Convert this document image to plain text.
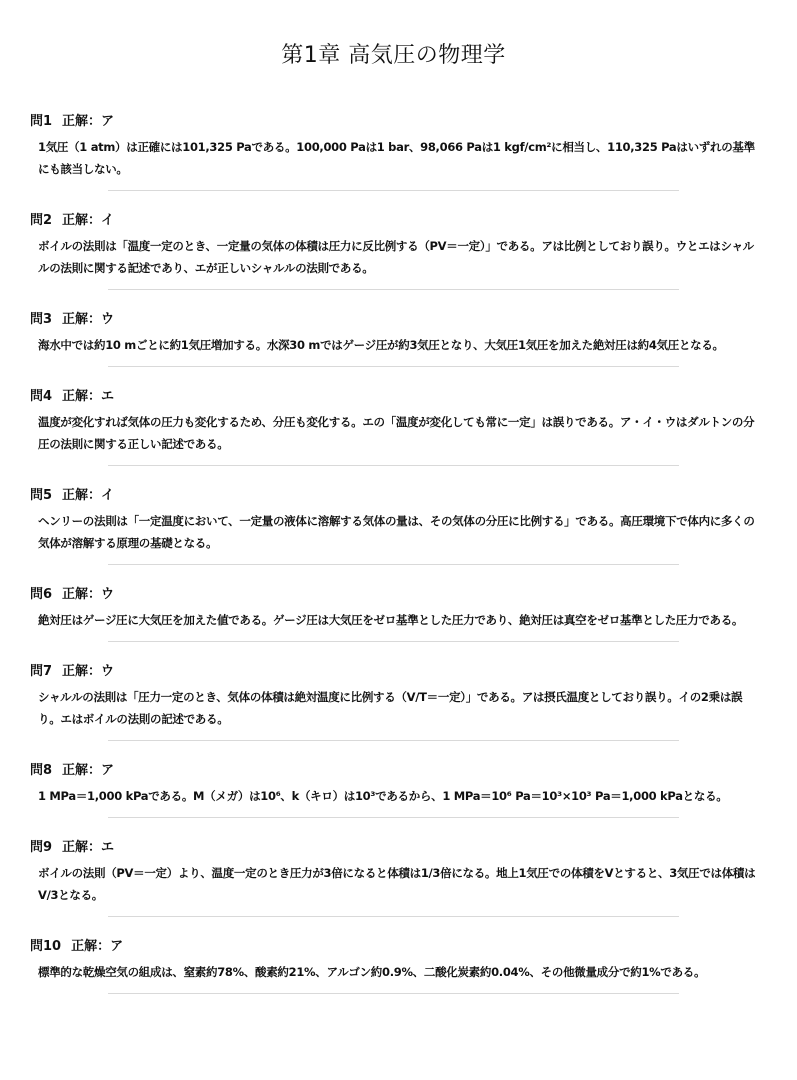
第1章 高気圧の物理学
問1 正解：ア
1気圧（1 atm）は正確には101,325 Paである。100,000 Paは1 bar、98,066 Paは1 kgf/cm²に相当し、110,325 Paはいずれの基準にも該当しない。
問2 正解：イ
ボイルの法則は「温度一定のとき、一定量の気体の体積は圧力に反比例する（PV＝一定）」である。アは比例としており誤り。ウとエはシャルルの法則に関する記述であり、エが正しいシャルルの法則である。
問3 正解：ウ
海水中では約10 mごとに約1気圧増加する。水深30 mではゲージ圧が約3気圧となり、大気圧1気圧を加えた絶対圧は約4気圧となる。
問4 正解：エ
温度が変化すれば気体の圧力も変化するため、分圧も変化する。エの「温度が変化しても常に一定」は誤りである。ア・イ・ウはダルトンの分圧の法則に関する正しい記述である。
問5 正解：イ
ヘンリーの法則は「一定温度において、一定量の液体に溶解する気体の量は、その気体の分圧に比例する」である。高圧環境下で体内に多くの気体が溶解する原理の基礎となる。
問6 正解：ウ
絶対圧はゲージ圧に大気圧を加えた値である。ゲージ圧は大気圧をゼロ基準とした圧力であり、絶対圧は真空をゼロ基準とした圧力である。
問7 正解：ウ
シャルルの法則は「圧力一定のとき、気体の体積は絶対温度に比例する（V/T＝一定）」である。アは摂氏温度としており誤り。イの2乗は誤り。エはボイルの法則の記述である。
問8 正解：ア
1 MPa＝1,000 kPaである。M（メガ）は10⁶、k（キロ）は10³であるから、1 MPa＝10⁶ Pa＝10³×10³ Pa＝1,000 kPaとなる。
問9 正解：エ
ボイルの法則（PV＝一定）より、温度一定のとき圧力が3倍になると体積は1/3倍になる。地上1気圧での体積をVとすると、3気圧では体積はV/3となる。
問10 正解：ア
標準的な乾燥空気の組成は、窒素約78%、酸素約21%、アルゴン約0.9%、二酸化炭素約0.04%、その他微量成分で約1%である。
